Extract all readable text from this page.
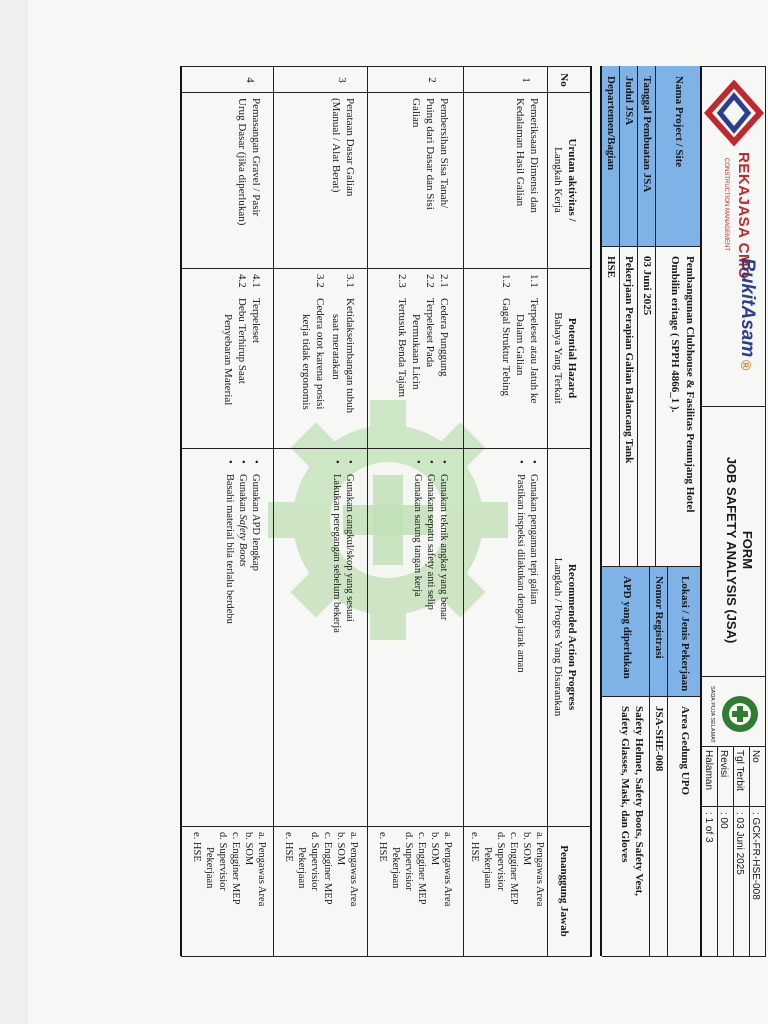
REKAJASA CMO
CONSTRUCTION MANAGEMENT
BukitAsam
®
FORM
JOB SAFETY ANALYSIS (JSA)
SADA PUJA SELAMAT
No
: GCK-FR-HSE-008
Tgl Terbit
: 03 Juni 2025
Revisi
: 00
Halaman
: 1 of 3
Nama Project / Site
Pembangunan Clubhouse & Fasilitas Penunjang Hotel
Ombilin eritage ( SPPH 4866_1 ).
Tanggal Pembuatan JSA
03 Juni 2025
Judul JSA
Pekerjaan Perapian Galian Balancang Tank
Departemen/Bagian
HSE
Lokasi / Jenis Pekerjaan
Area Gedung UPO
Nomor Registrasi
JSA-SHE-008
APD yang diperlukan
Safety Helmet, Safety Boots, Safety Vest,
Safety Glasses, Mask, dan Gloves
No
Urutan aktivitas /
Langkah Kerja
Potential Hazard
Bahaya Yang Terkait
Recommended Action Progress
Langkah / Progres Yang Disarankan
Penanggung Jawab
1
Pemeriksaan Dimensi dan
Kedalaman Hasil Galian
1.1
Terpeleset atau Jatuh ke
Dalam Galian
1.2
Gagal Struktur Tebing
• Gunakan pengaman tepi galian
• Pastikan inspeksi dilakukan dengan jarak aman
a. Pengawas Area
b. SOM
c. Engginer MEP
d. Supervisior
Pekerjaan
e. HSE
2
Pembersihan Sisa Tanah/
Puing dari Dasar dan Sisi
Galian
2.1
Cedera Punggung
2.2
Terpeleset Pada
Permukaan Licin
2.3
Tertusuk Benda Tajam
• Gunakan teknik angkat yang benar
• Gunakan sepatu safety anti selip
• Gunakan sarung tangan kerja
a. Pengawas Area
b. SOM
c. Engginer MEP
d. Supervisior
Pekerjaan
e. HSE
3
Perataan Dasar Galian
(Manual / Alat Berat)
3.1
Ketidakseimbangan tubuh
saat meratakan
3.2
Cedera otot karena posisi
kerja tidak ergonomis
• Gunakan cangkul/skop yang sesuai
• Lakukan peregangan sebelum bekerja
a. Pengawas Area
b. SOM
c. Engginer MEP
d. Supervisior
Pekerjaan
e. HSE
4
Pemasangan Gravel / Pasir
Urug Dasar (jika diperlukan)
4.1
Terpeleset
4.2
Debu Terhirup Saat
Penyebaran Material
• Gunakan APD lengkap
• Gunakan Safety Boots
• Basahi material bila terlalu berdebu
a. Pengawas Area
b. SOM
c. Engginer MEP
d. Supervisior
Pekerjaan
e. HSE
